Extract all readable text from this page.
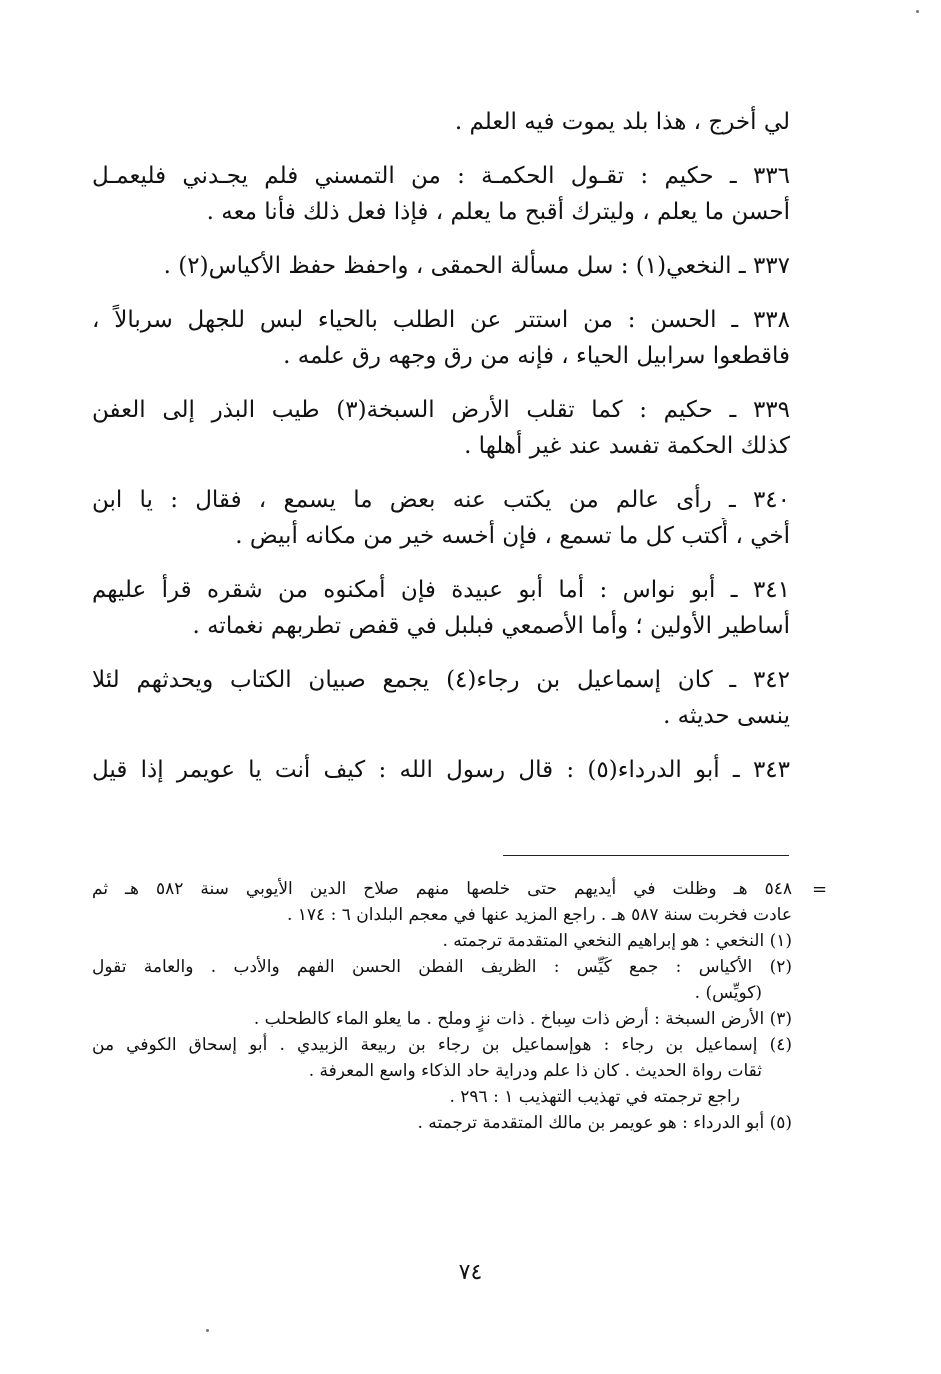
لي أخرج ، هذا بلد يموت فيه العلم .
٣٣٦ ـ حكيم : تقـول الحكمـة : من التمسني فلم يجـدني فليعمـل
أحسن ما يعلم ، وليترك أقبح ما يعلم ، فإذا فعل ذلك فأنا معه .
٣٣٧ ـ النخعي(١) : سل مسألة الحمقى ، واحفظ حفظ الأكياس(٢) .
٣٣٨ ـ الحسن : من استتر عن الطلب بالحياء لبس للجهل سربالاً ،
فاقطعوا سرابيل الحياء ، فإنه من رق وجهه رق علمه .
٣٣٩ ـ حكيم : كما تقلب الأرض السبخة(٣) طيب البذر إلى العفن
كذلك الحكمة تفسد عند غير أهلها .
٣٤٠ ـ رأى عالم من يكتب عنه بعض ما يسمع ، فقال : يا ابن
أخي ، أُكتب كل ما تسمع ، فإن أخسه خير من مكانه أبيض .
٣٤١ ـ أبو نواس : أما أبو عبيدة فإن أمكنوه من شقره قرأ عليهم
أساطير الأولين ؛ وأما الأصمعي فبلبل في قفص تطربهم نغماته .
٣٤٢ ـ كان إسماعيل بن رجاء(٤) يجمع صبيان الكتاب ويحدثهم لئلا
ينسى حديثه .
٣٤٣ ـ أبو الدرداء(٥) : قال رسول الله : كيف أنت يا عويمر إذا قيل
=
٥٤٨ هـ وظلت في أيديهم حتى خلصها منهم صلاح الدين الأيوبي سنة ٥٨٢ هـ ثم
عادت فخربت سنة ٥٨٧ هـ . راجع المزيد عنها في معجم البلدان ٦ : ١٧٤ .
(١) النخعي : هو إبراهيم النخعي المتقدمة ترجمته .
(٢) الأكياس : جمع كَيِّس : الظريف الفطن الحسن الفهم والأدب . والعامة تقول
(كويِّس) .
(٣) الأرض السبخة : أرض ذات سِباخ . ذات نزٍ وملح . ما يعلو الماء كالطحلب .
(٤) إسماعيل بن رجاء : هوإسماعيل بن رجاء بن ربيعة الزبيدي . أبو إسحاق الكوفي من
ثقات رواة الحديث . كان ذا علم ودراية حاد الذكاء واسع المعرفة .
راجع ترجمته في تهذيب التهذيب ١ : ٢٩٦ .
(٥) أبو الدرداء : هو عويمر بن مالك المتقدمة ترجمته .
٧٤
